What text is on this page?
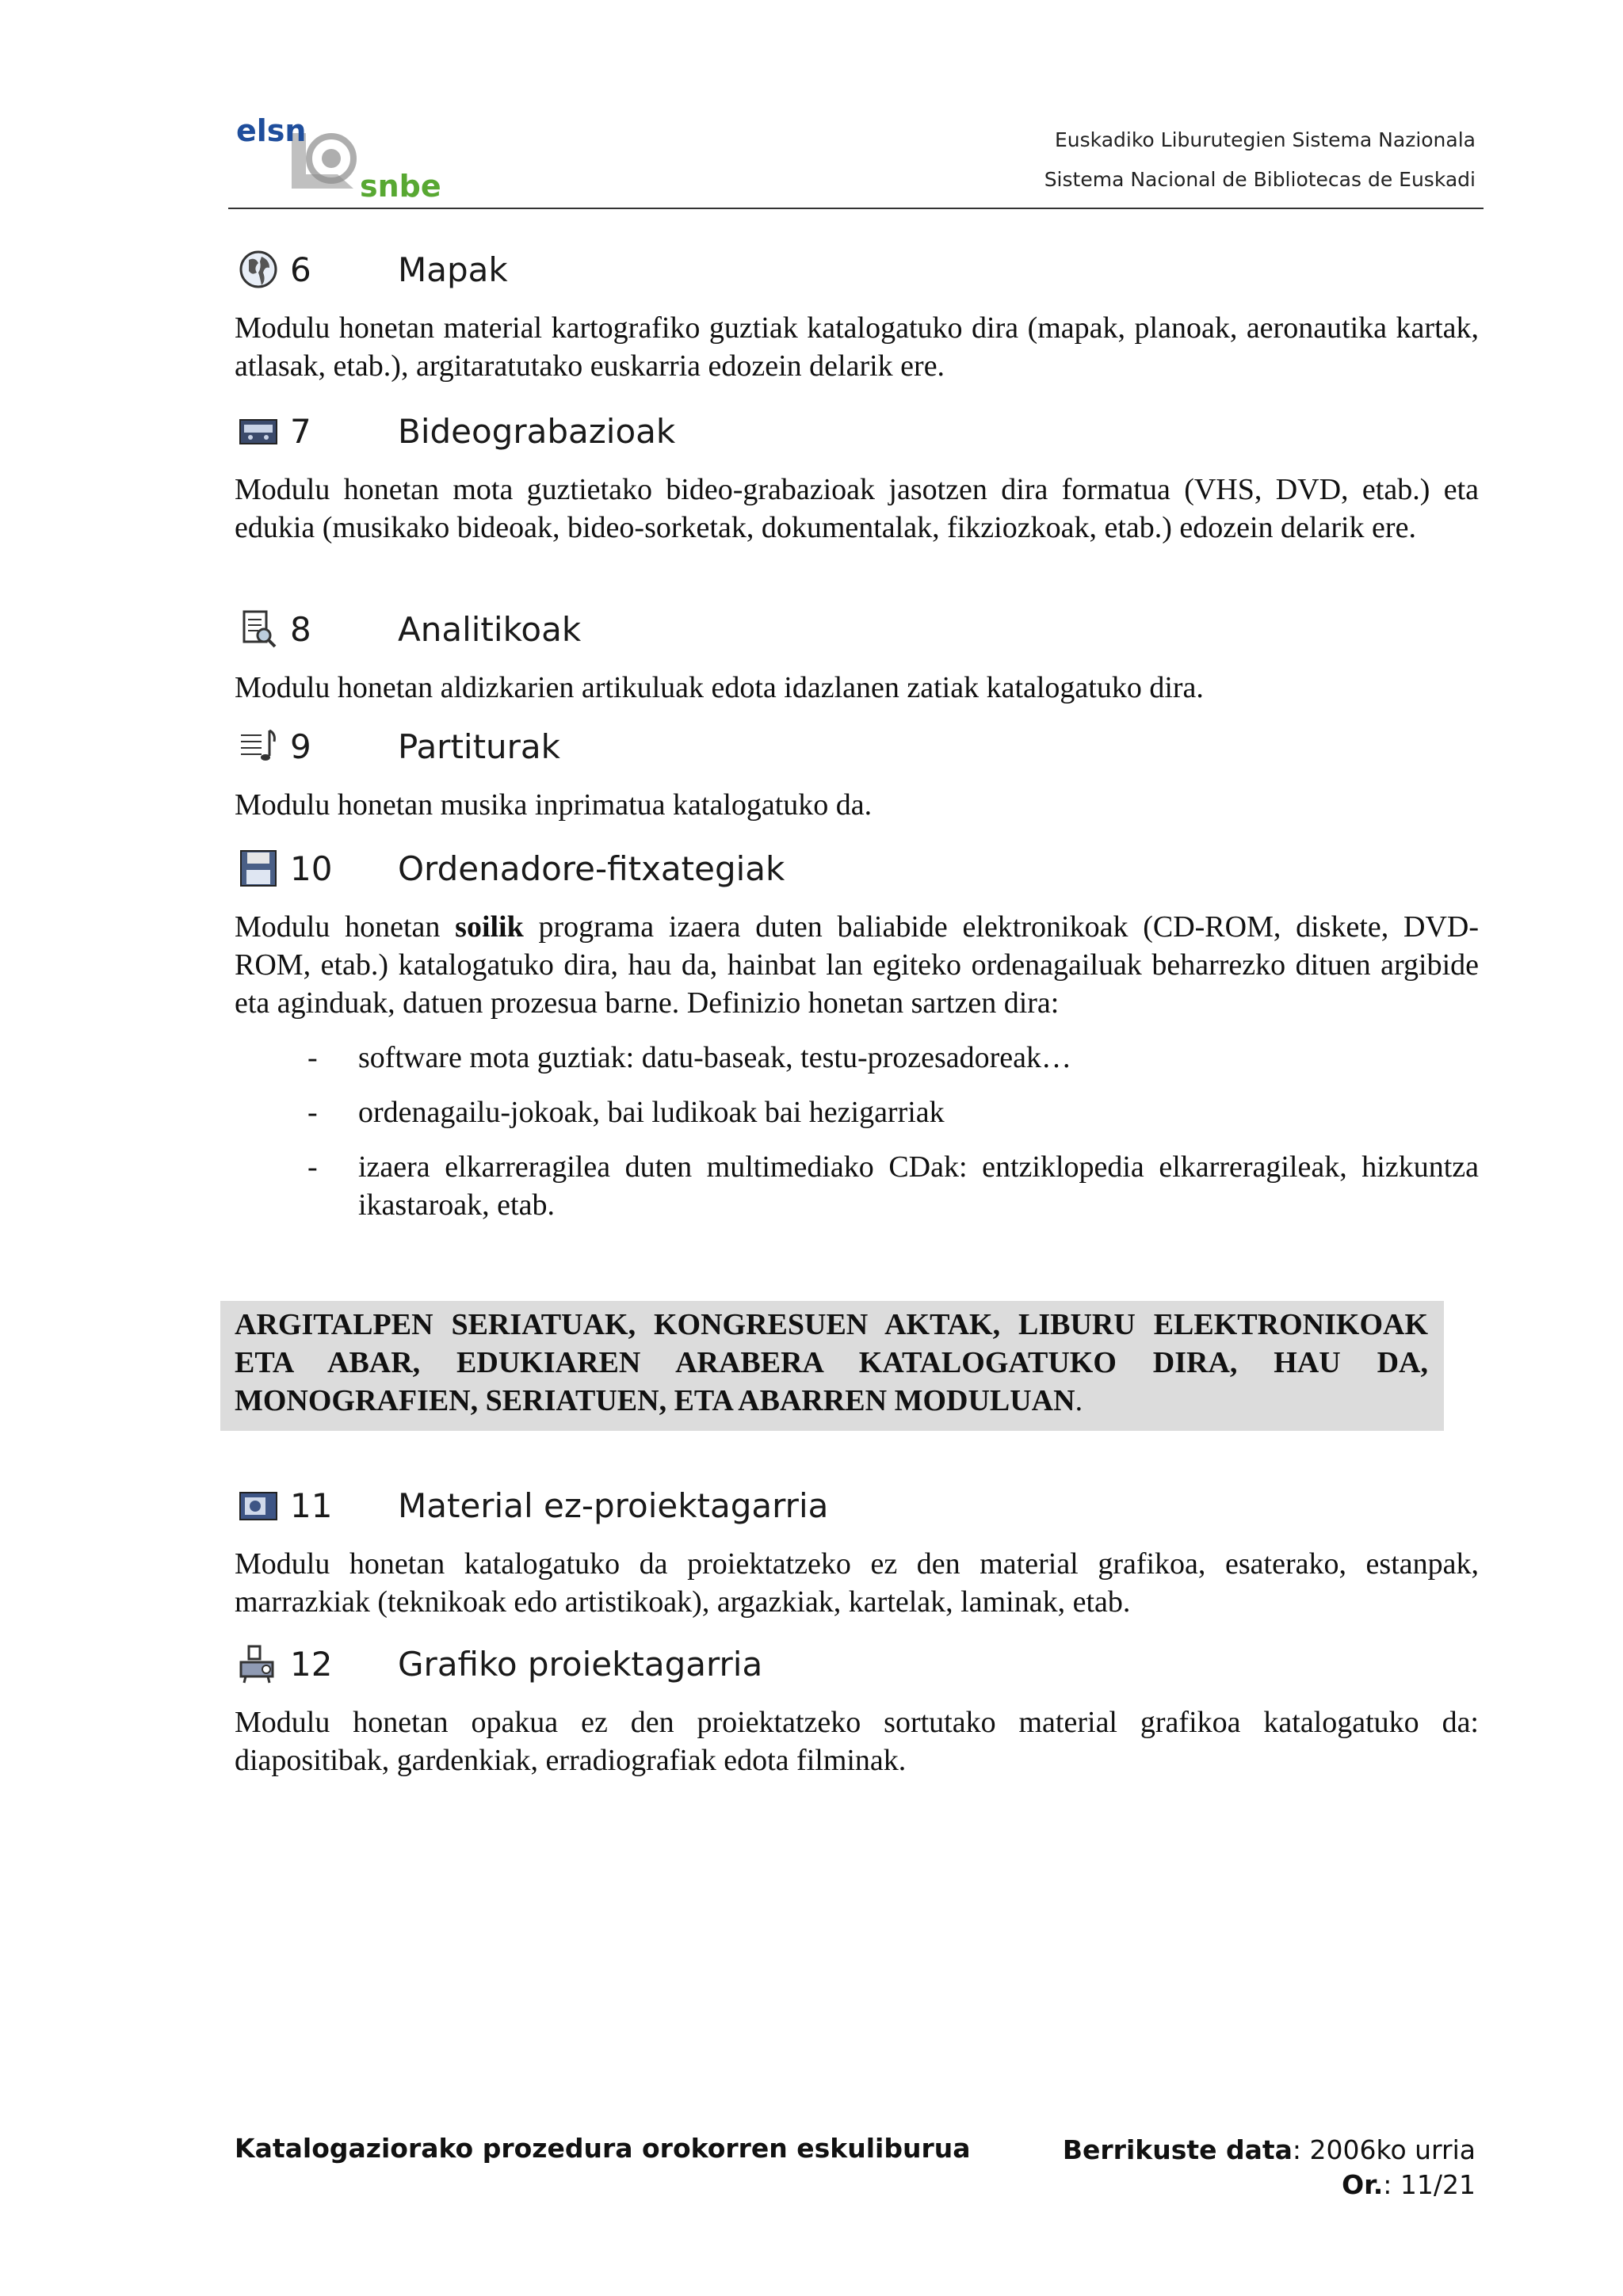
elsn
snbe
Euskadiko Liburutegien Sistema Nazionala
Sistema Nacional de Bibliotecas de Euskadi
6	Mapak

Modulu honetan material kartografiko guztiak katalogatuko dira (mapak, planoak, aeronautika kartak, atlasak, etab.), argitaratutako euskarria edozein delarik ere.

7	Bideograbazioak

Modulu honetan mota guztietako bideo-grabazioak jasotzen dira formatua (VHS, DVD, etab.) eta edukia (musikako bideoak, bideo-sorketak, dokumentalak, fikziozkoak, etab.) edozein delarik ere.

8	Analitikoak

Modulu honetan aldizkarien artikuluak edota idazlanen zatiak katalogatuko dira.

9	Partiturak

Modulu honetan musika inprimatua katalogatuko da.

10	Ordenadore-fitxategiak

Modulu honetan soilik programa izaera duten baliabide elektronikoak (CD-ROM, diskete, DVD-ROM, etab.) katalogatuko dira, hau da, hainbat lan egiteko ordenagailuak beharrezko dituen argibide eta aginduak, datuen prozesua barne. Definizio honetan sartzen dira:

-	software mota guztiak: datu-baseak, testu-prozesadoreak…
-	ordenagailu-jokoak, bai ludikoak bai hezigarriak
-	izaera elkarreragilea duten multimediako CDak: entziklopedia elkarreragileak, hizkuntza ikastaroak, etab.

ARGITALPEN SERIATUAK, KONGRESUEN AKTAK, LIBURU ELEKTRONIKOAK ETA ABAR, EDUKIAREN ARABERA KATALOGATUKO DIRA, HAU DA, MONOGRAFIEN, SERIATUEN, ETA ABARREN MODULUAN.

11	Material ez-proiektagarria

Modulu honetan katalogatuko da proiektatzeko ez den material grafikoa, esaterako, estanpak, marrazkiak (teknikoak edo artistikoak), argazkiak, kartelak, laminak, etab.

12	Grafiko proiektagarria

Modulu honetan opakua ez den proiektatzeko sortutako material grafikoa katalogatuko da: diapositibak, gardenkiak, erradiografiak edota filminak.

Katalogaziorako prozedura orokorren eskuliburua	Berrikuste data: 2006ko urria
Or.: 11/21
